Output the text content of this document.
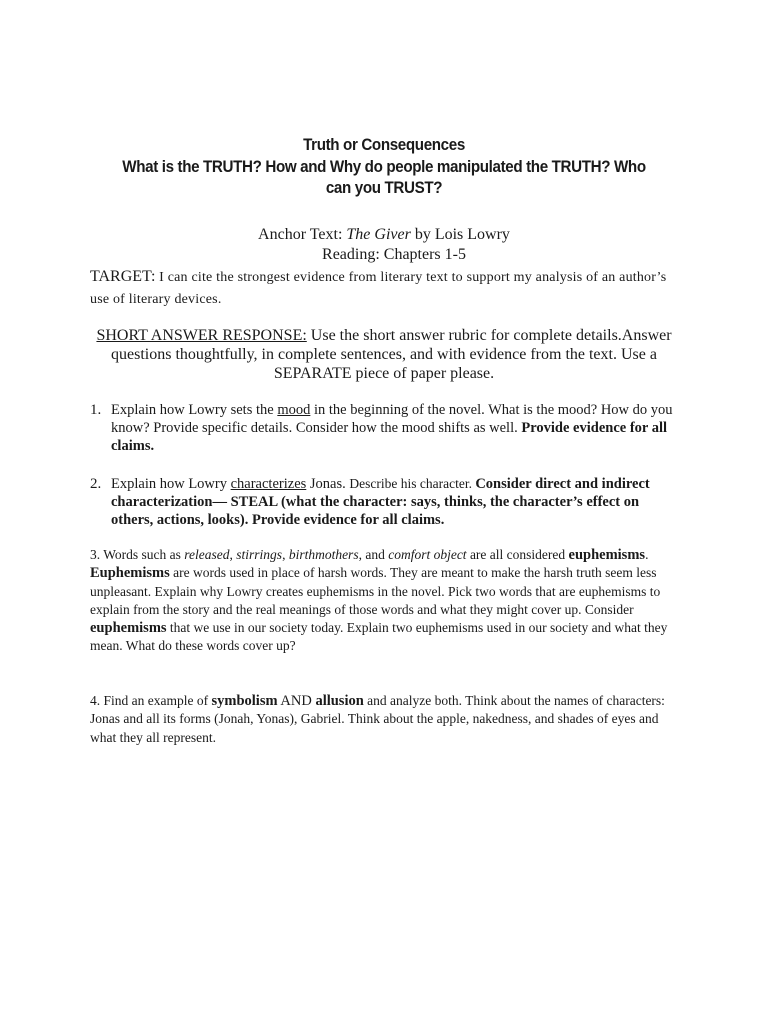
Truth or Consequences
What is the TRUTH? How and Why do people manipulated the TRUTH? Who can you TRUST?
Anchor Text: The Giver by Lois Lowry
Reading: Chapters 1-5
TARGET: I can cite the strongest evidence from literary text to support my analysis of an author’s use of literary devices.
SHORT ANSWER RESPONSE: Use the short answer rubric for complete details.Answer questions thoughtfully, in complete sentences, and with evidence from the text. Use a SEPARATE piece of paper please.
1. Explain how Lowry sets the mood in the beginning of the novel. What is the mood? How do you know? Provide specific details. Consider how the mood shifts as well. Provide evidence for all claims.
2. Explain how Lowry characterizes Jonas. Describe his character. Consider direct and indirect characterization— STEAL (what the character: says, thinks, the character’s effect on others, actions, looks). Provide evidence for all claims.
3. Words such as released, stirrings, birthmothers, and comfort object are all considered euphemisms. Euphemisms are words used in place of harsh words. They are meant to make the harsh truth seem less unpleasant. Explain why Lowry creates euphemisms in the novel. Pick two words that are euphemisms to explain from the story and the real meanings of those words and what they might cover up. Consider euphemisms that we use in our society today. Explain two euphemisms used in our society and what they mean. What do these words cover up?
4. Find an example of symbolism AND allusion and analyze both. Think about the names of characters: Jonas and all its forms (Jonah, Yonas), Gabriel. Think about the apple, nakedness, and shades of eyes and what they all represent.
